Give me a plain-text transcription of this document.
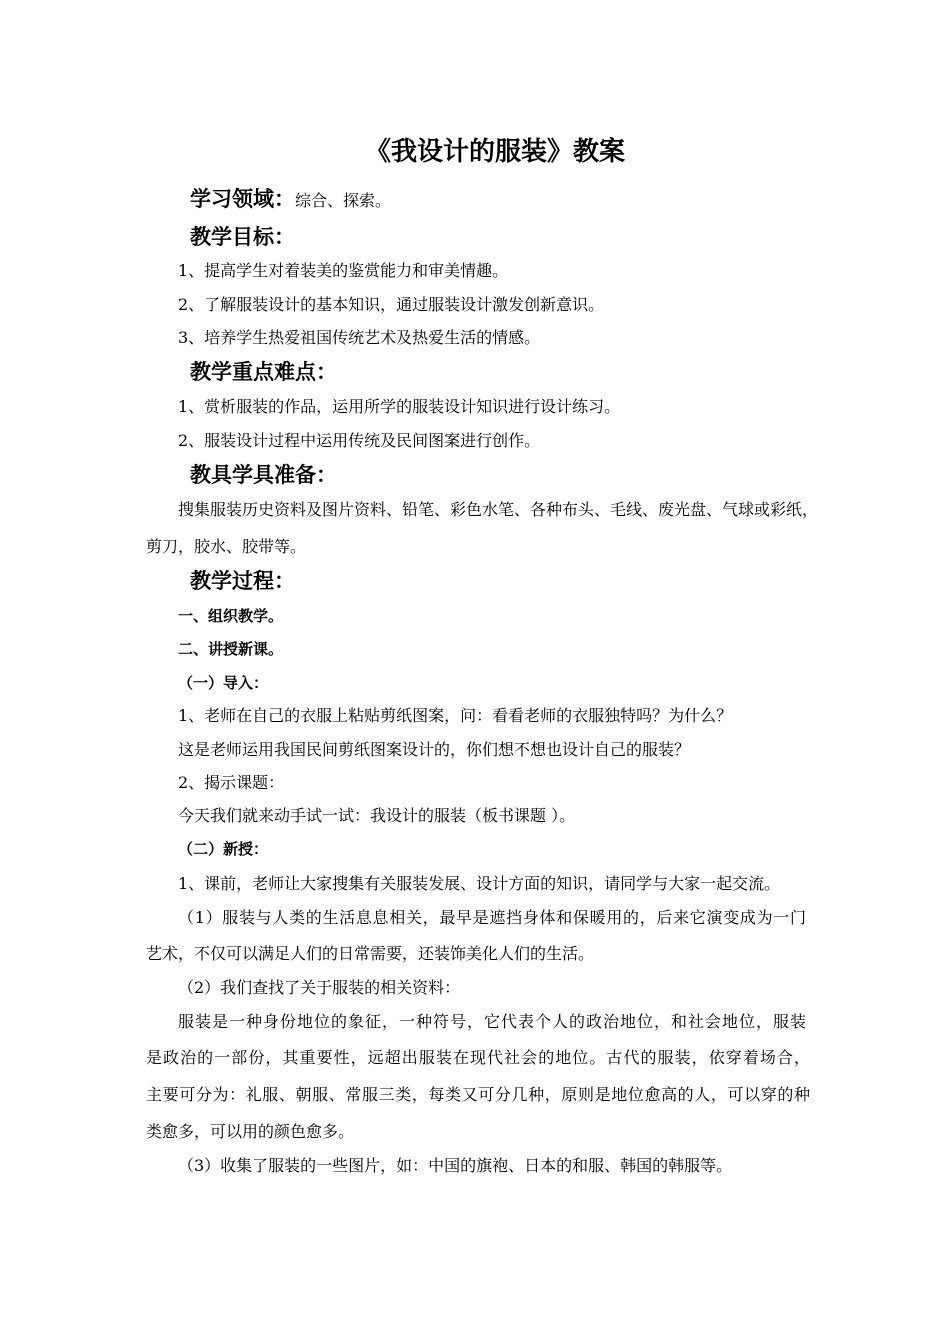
《我设计的服装》教案
学习领域：综合、探索。
教学目标：
1、提高学生对着装美的鉴赏能力和审美情趣。
2、了解服装设计的基本知识，通过服装设计激发创新意识。
3、培养学生热爱祖国传统艺术及热爱生活的情感。
教学重点难点：
1、赏析服装的作品，运用所学的服装设计知识进行设计练习。
2、服装设计过程中运用传统及民间图案进行创作。
教具学具准备：
搜集服装历史资料及图片资料、铅笔、彩色水笔、各种布头、毛线、废光盘、气球或彩纸，
剪刀，胶水、胶带等。
教学过程：
一、组织教学。
二、讲授新课。
（一）导入：
1、老师在自己的衣服上粘贴剪纸图案，问：看看老师的衣服独特吗？为什么？
这是老师运用我国民间剪纸图案设计的，你们想不想也设计自己的服装？
2、揭示课题：
今天我们就来动手试一试：我设计的服装（板书课题 ）。
（二）新授：
1、课前，老师让大家搜集有关服装发展、设计方面的知识，请同学与大家一起交流。
（1）服装与人类的生活息息相关，最早是遮挡身体和保暖用的，后来它演变成为一门
艺术，不仅可以满足人们的日常需要，还装饰美化人们的生活。
（2）我们查找了关于服装的相关资料：
服装是一种身份地位的象征，一种符号，它代表个人的政治地位，和社会地位，服装
是政治的一部份，其重要性，远超出服装在现代社会的地位。古代的服装，依穿着场合，
主要可分为：礼服、朝服、常服三类，每类又可分几种，原则是地位愈高的人，可以穿的种
类愈多，可以用的颜色愈多。
（3）收集了服装的一些图片，如：中国的旗袍、日本的和服、韩国的韩服等。
